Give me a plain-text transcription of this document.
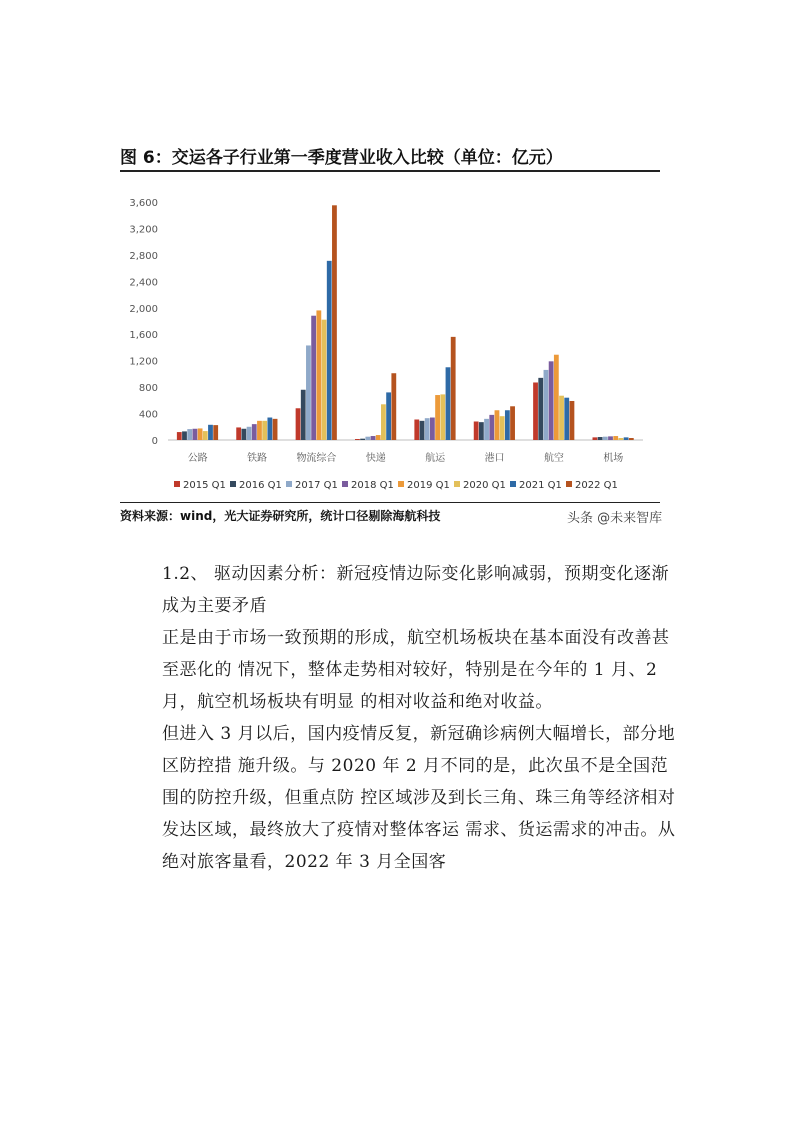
图 6：交运各子行业第一季度营业收入比较（单位：亿元）
0
400
800
1,200
1,600
2,000
2,400
2,800
3,200
3,600
公路	铁路	物流综合	快递	航运	港口	航空	机场
2015 Q1 2016 Q1 2017 Q1 2018 Q1 2019 Q1 2020 Q1 2021 Q1 2022 Q1
资料来源：wind，光大证券研究所，统计口径剔除海航科技	头条 @未来智库

1.2、 驱动因素分析：新冠疫情边际变化影响减弱，预期变化逐渐成为主要矛盾

正是由于市场一致预期的形成，航空机场板块在基本面没有改善甚至恶化的 情况下，整体走势相对较好，特别是在今年的 1 月、2 月，航空机场板块有明显 的相对收益和绝对收益。

但进入 3 月以后，国内疫情反复，新冠确诊病例大幅增长，部分地区防控措 施升级。与 2020 年 2 月不同的是，此次虽不是全国范围的防控升级，但重点防 控区域涉及到长三角、珠三角等经济相对发达区域，最终放大了疫情对整体客运 需求、货运需求的冲击。从绝对旅客量看，2022 年 3 月全国客
